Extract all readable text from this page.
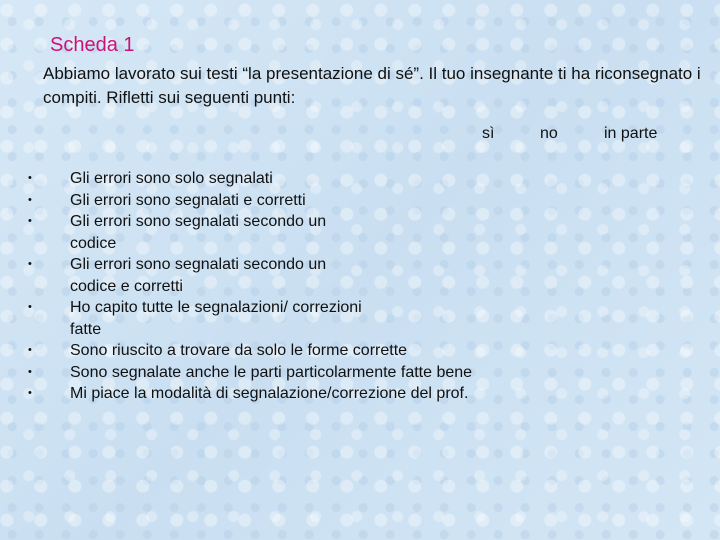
Scheda 1
Abbiamo lavorato sui testi “la presentazione di sé”. Il tuo insegnante ti ha riconsegnato i compiti. Rifletti sui seguenti punti:
sì	no	in parte
•	Gli errori sono solo segnalati
•	Gli errori sono segnalati e corretti
•	Gli errori sono segnalati secondo un codice
•	Gli errori sono segnalati secondo un codice e corretti
•	Ho capito tutte le segnalazioni/ correzioni fatte
•	Sono riuscito a trovare da solo le forme corrette
•	Sono segnalate anche le parti particolarmente fatte bene
•	Mi piace la modalità di segnalazione/correzione del prof.
